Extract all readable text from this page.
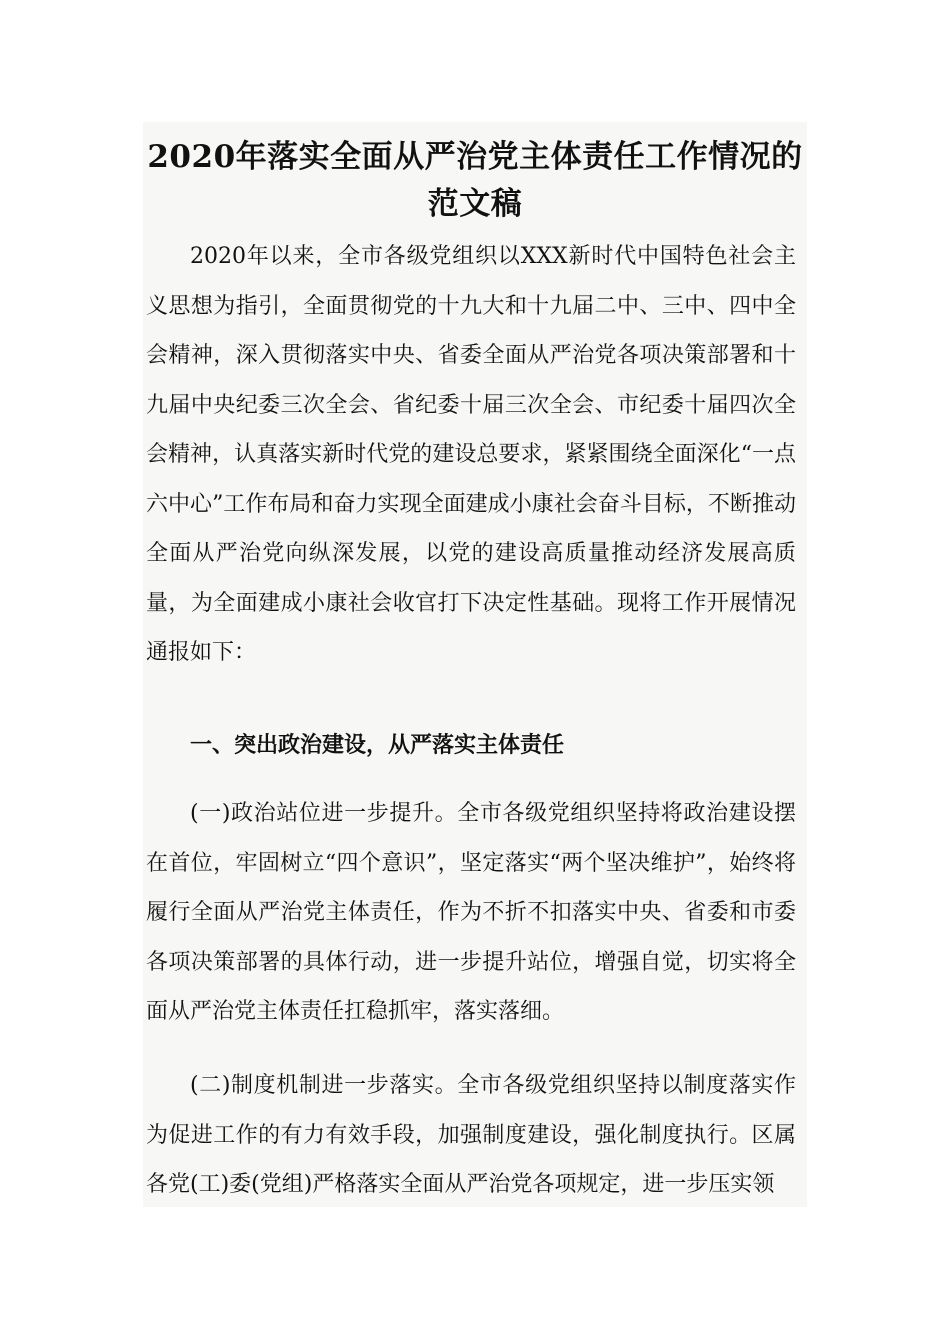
2020年落实全面从严治党主体责任工作情况的范文稿

2020年以来，全市各级党组织以XXX新时代中国特色社会主义思想为指引，全面贯彻党的十九大和十九届二中、三中、四中全会精神，深入贯彻落实中央、省委全面从严治党各项决策部署和十九届中央纪委三次全会、省纪委十届三次全会、市纪委十届四次全会精神，认真落实新时代党的建设总要求，紧紧围绕全面深化“一点六中心”工作布局和奋力实现全面建成小康社会奋斗目标，不断推动全面从严治党向纵深发展，以党的建设高质量推动经济发展高质量，为全面建成小康社会收官打下决定性基础。现将工作开展情况通报如下：

一、突出政治建设，从严落实主体责任

(一)政治站位进一步提升。全市各级党组织坚持将政治建设摆在首位，牢固树立“四个意识”，坚定落实“两个坚决维护”，始终将履行全面从严治党主体责任，作为不折不扣落实中央、省委和市委各项决策部署的具体行动，进一步提升站位，增强自觉，切实将全面从严治党主体责任扛稳抓牢，落实落细。

(二)制度机制进一步落实。全市各级党组织坚持以制度落实作为促进工作的有力有效手段，加强制度建设，强化制度执行。区属各党(工)委(党组)严格落实全面从严治党各项规定，进一步压实领
